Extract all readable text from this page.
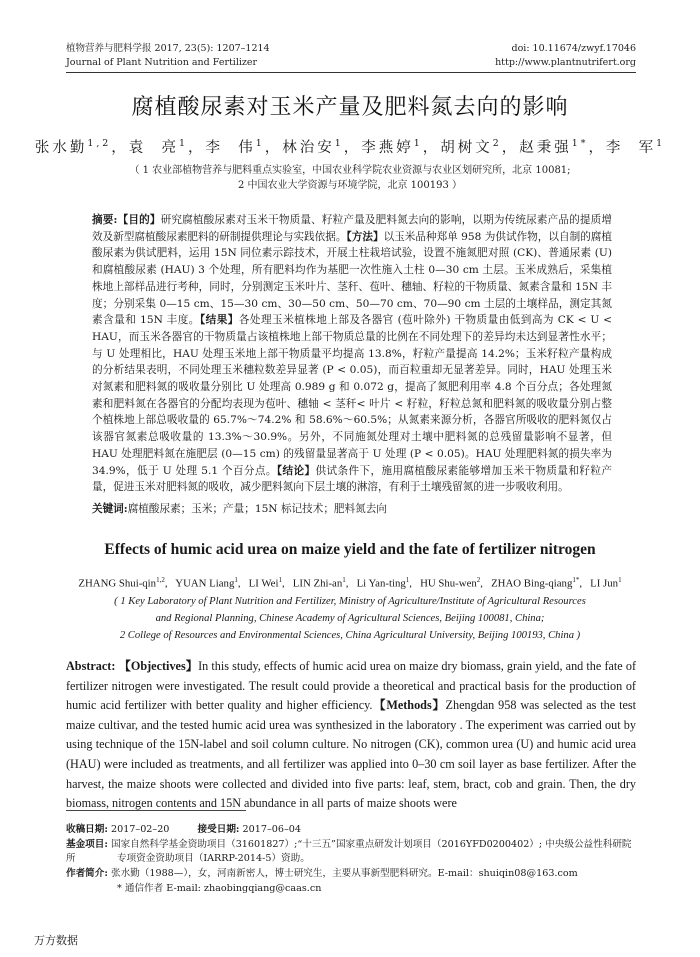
植物营养与肥料学报 2017, 23(5): 1207–1214
Journal of Plant Nutrition and Fertilizer
doi: 10.11674/zwyf.17046
http://www.plantnutrifert.org
腐植酸尿素对玉米产量及肥料氮去向的影响
张水勤$^{1,2}$，袁  亮$^1$，李  伟$^1$，林治安$^1$，李燕婷$^1$，胡树文$^2$，赵秉强$^{1*}$，李  军$^1$
（ 1 农业部植物营养与肥料重点实验室，中国农业科学院农业资源与农业区划研究所，北京 10081;
2 中国农业大学资源与环境学院，北京 100193 ）
摘要:【目的】研究腐植酸尿素对玉米干物质量、籽粒产量及肥料氮去向的影响，以期为传统尿素产品的提质增效及新型腐植酸尿素肥料的研制提供理论与实践依据。【方法】以玉米品种郑单 958 为供试作物，以自制的腐植酸尿素为供试肥料，运用 15N 同位素示踪技术，开展土柱栽培试验，设置不施氮肥对照 (CK)、普通尿素 (U) 和腐植酸尿素 (HAU) 3 个处理，所有肥料均作为基肥一次性施入土柱 0—30 cm 土层。玉米成熟后，采集植株地上部样品进行考种，同时，分别测定玉米叶片、茎秆、苞叶、穗轴、籽粒的干物质量、氮素含量和 15N 丰度；分别采集 0—15 cm、15—30 cm、30—50 cm、50—70 cm、70—90 cm 土层的土壤样品，测定其氮素含量和 15N 丰度。【结果】各处理玉米植株地上部及各器官 (苞叶除外) 干物质量由低到高为 CK < U < HAU，而玉米各器官的干物质量占该植株地上部干物质总量的比例在不同处理下的差异均未达到显著性水平；与 U 处理相比，HAU 处理玉米地上部干物质量平均提高 13.8%，籽粒产量提高 14.2%；玉米籽粒产量构成的分析结果表明，不同处理玉米穗粒数差异显著 (P < 0.05)，而百粒重却无显著差异。同时，HAU 处理玉米对氮素和肥料氮的吸收量分别比 U 处理高 0.989 g 和 0.072 g，提高了氮肥利用率 4.8 个百分点；各处理氮素和肥料氮在各器官的分配均表现为苞叶、穗轴 < 茎秆< 叶片 < 籽粒，籽粒总氮和肥料氮的吸收量分别占整个植株地上部总吸收量的 65.7%～74.2% 和 58.6%～60.5%；从氮素来源分析，各器官所吸收的肥料氮仅占该器官氮素总吸收量的 13.3%～30.9%。另外，不同施氮处理对土壤中肥料氮的总残留量影响不显著，但 HAU 处理肥料氮在施肥层 (0—15 cm) 的残留量显著高于 U 处理 (P < 0.05)。HAU 处理肥料氮的损失率为 34.9%，低于 U 处理 5.1 个百分点。【结论】供试条件下，施用腐植酸尿素能够增加玉米干物质量和籽粒产量，促进玉米对肥料氮的吸收，减少肥料氮向下层土壤的淋溶，有利于土壤残留氮的进一步吸收利用。
关键词:腐植酸尿素；玉米；产量；15N 标记技术；肥料氮去向
Effects of humic acid urea on maize yield and the fate of fertilizer nitrogen
ZHANG Shui-qin$^{1,2}$,   YUAN Liang$^1$,   LI Wei$^1$,   LIN Zhi-$an^1$,   Li Yan-ting$^1$,   HU Shu-wen$^2$,   ZHAO Bing-qiang$^{1*}$,   LI Jun$^1$
( 1 Key Laboratory of Plant Nutrition and Fertilizer, Ministry of Agriculture/Institute of Agricultural Resources
and Regional Planning, Chinese Academy of Agricultural Sciences, Beijing 100081, China;
2 College of Resources and Environmental Sciences, China Agricultural University, Beijing 100193, China )
Abstract: 【Objectives】In this study, effects of humic acid urea on maize dry biomass, grain yield, and the fate of fertilizer nitrogen were investigated. The result could provide a theoretical and practical basis for the production of humic acid fertilizer with better quality and higher efficiency.【Methods】Zhengdan 958 was selected as the test maize cultivar, and the tested humic acid urea was synthesized in the laboratory . The experiment was carried out by using technique of the 15N-label and soil column culture. No nitrogen (CK), common urea (U) and humic acid urea (HAU) were included as treatments, and all fertilizer was applied into 0–30 cm soil layer as base fertilizer. After the harvest, the maize shoots were collected and divided into five parts: leaf, stem, bract, cob and grain. Then, the dry biomass, nitrogen contents and 15N abundance in all parts of maize shoots were
收稿日期: 2017–02–20	接受日期: 2017–06–04
基金项目: 国家自然科学基金资助项目（31601827）;“十三五”国家重点研发计划项目（2016YFD0200402）; 中央级公益性科研院所	专项资金资助项目（IARRP-2014-5）资助。
作者简介: 张水勤（1988—），女，河南新密人，博士研究生，主要从事新型肥料研究。E-mail：shuiqin08@163.com
* 通信作者 E-mail: zhaobingqiang@caas.cn
万方数据
